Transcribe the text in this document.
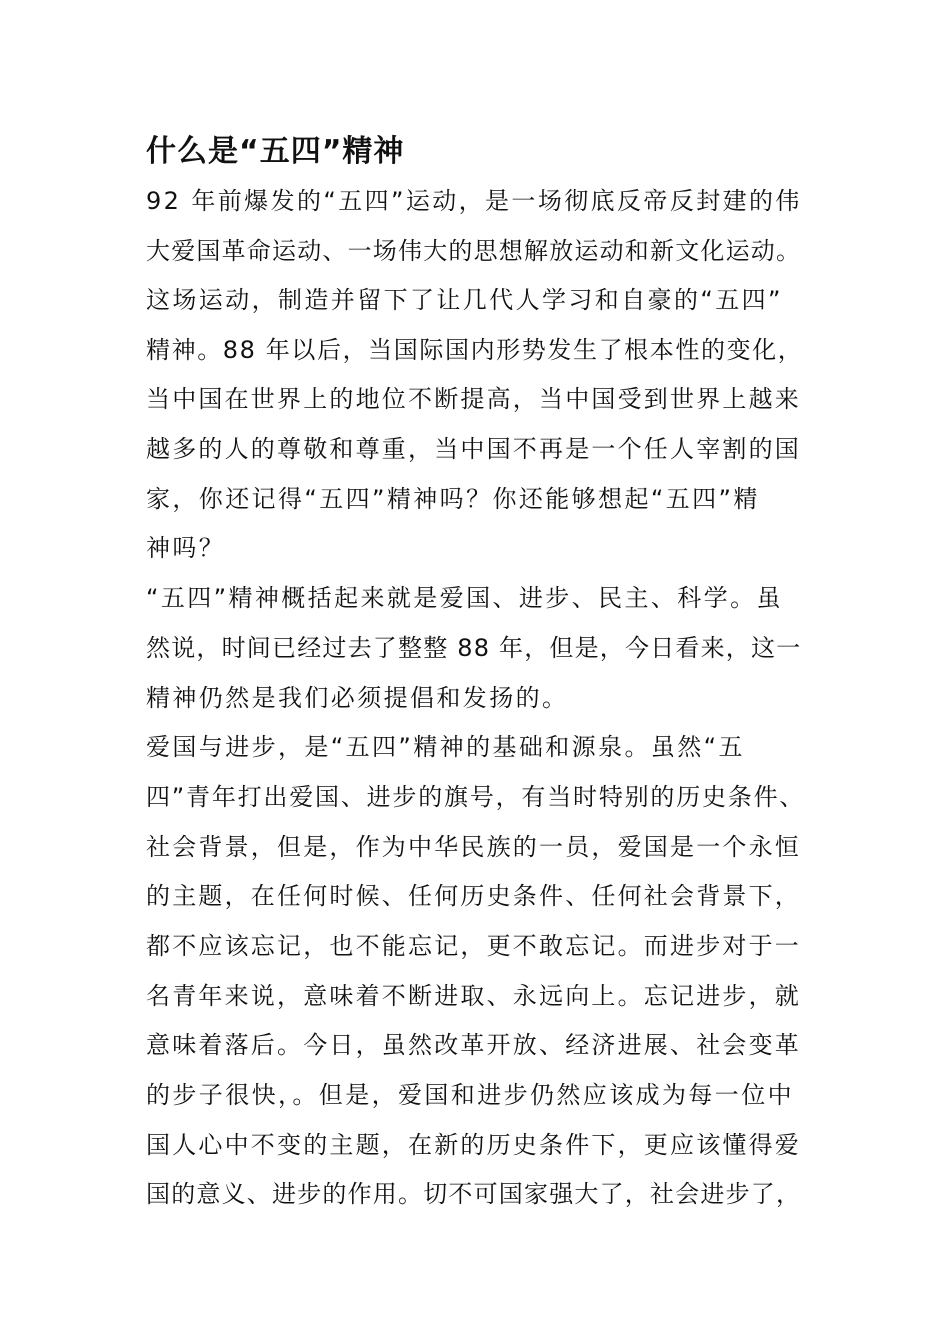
什么是“五四”精神

92 年前爆发的“五四”运动，是一场彻底反帝反封建的伟

大爱国革命运动、一场伟大的思想解放运动和新文化运动。

这场运动，制造并留下了让几代人学习和自豪的“五四”

精神。88 年以后，当国际国内形势发生了根本性的变化，

当中国在世界上的地位不断提高，当中国受到世界上越来

越多的人的尊敬和尊重，当中国不再是一个任人宰割的国

家，你还记得“五四”精神吗？你还能够想起“五四”精

神吗？

“五四”精神概括起来就是爱国、进步、民主、科学。虽

然说，时间已经过去了整整 88 年，但是，今日看来，这一

精神仍然是我们必须提倡和发扬的。

爱国与进步，是“五四”精神的基础和源泉。虽然“五

四”青年打出爱国、进步的旗号，有当时特别的历史条件、

社会背景，但是，作为中华民族的一员，爱国是一个永恒

的主题，在任何时候、任何历史条件、任何社会背景下，

都不应该忘记，也不能忘记，更不敢忘记。而进步对于一

名青年来说，意味着不断进取、永远向上。忘记进步，就

意味着落后。今日，虽然改革开放、经济进展、社会变革

的步子很快，。但是，爱国和进步仍然应该成为每一位中

国人心中不变的主题，在新的历史条件下，更应该懂得爱

国的意义、进步的作用。切不可国家强大了，社会进步了，
